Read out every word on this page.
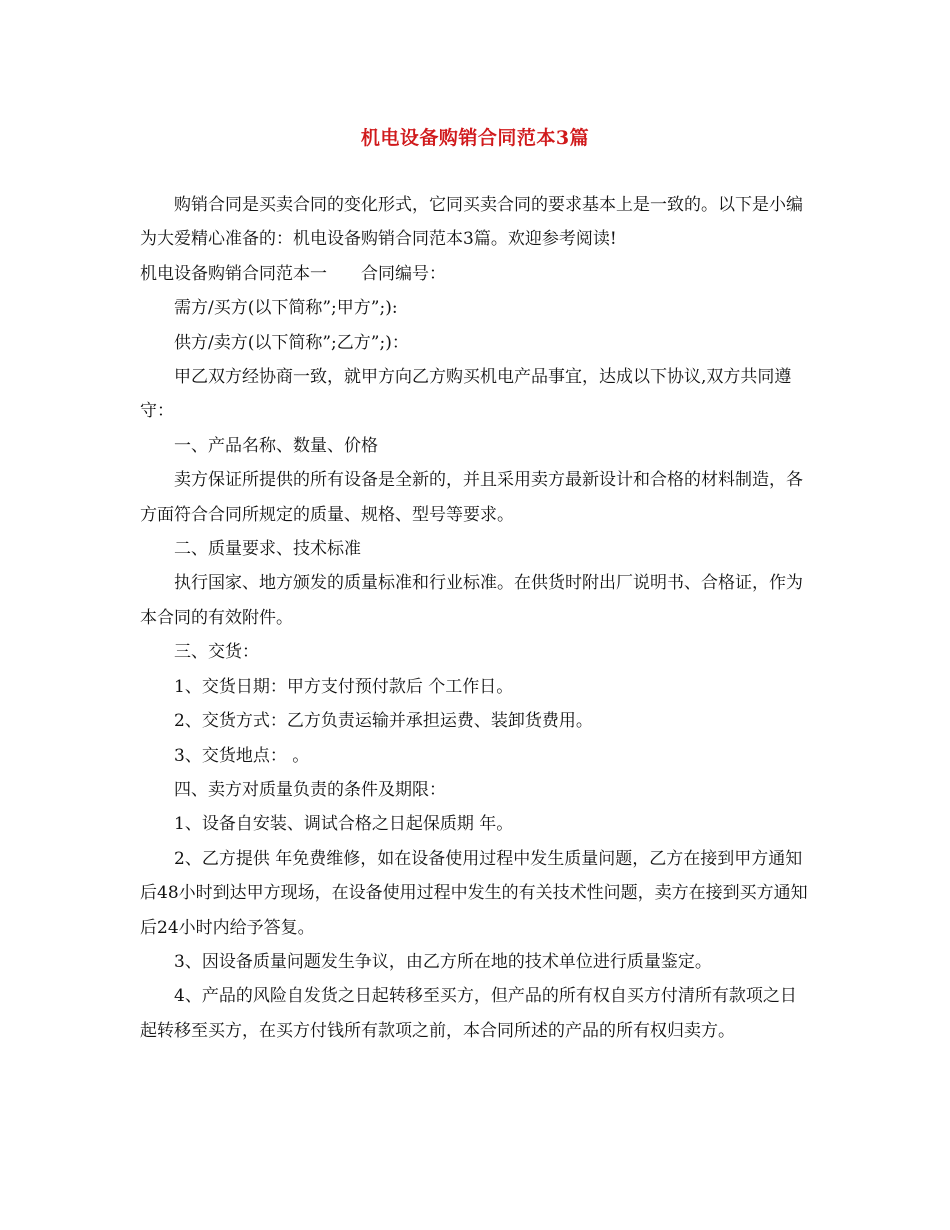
机电设备购销合同范本3篇

购销合同是买卖合同的变化形式，它同买卖合同的要求基本上是一致的。以下是小编为大爱精心准备的：机电设备购销合同范本3篇。欢迎参考阅读!

机电设备购销合同范本一 合同编号：

需方/买方(以下简称”;甲方”;):

供方/卖方(以下简称”;乙方”;)：

甲乙双方经协商一致，就甲方向乙方购买机电产品事宜，达成以下协议,双方共同遵守：

一、产品名称、数量、价格

卖方保证所提供的所有设备是全新的，并且采用卖方最新设计和合格的材料制造，各方面符合合同所规定的质量、规格、型号等要求。

二、质量要求、技术标准

执行国家、地方颁发的质量标准和行业标准。在供货时附出厂说明书、合格证，作为本合同的有效附件。

三、交货：

1、交货日期：甲方支付预付款后 个工作日。

2、交货方式：乙方负责运输并承担运费、装卸货费用。

3、交货地点： 。

四、卖方对质量负责的条件及期限：

1、设备自安装、调试合格之日起保质期 年。

2、乙方提供 年免费维修，如在设备使用过程中发生质量问题，乙方在接到甲方通知后48小时到达甲方现场，在设备使用过程中发生的有关技术性问题，卖方在接到买方通知后24小时内给予答复。

3、因设备质量问题发生争议，由乙方所在地的技术单位进行质量鉴定。

4、产品的风险自发货之日起转移至买方，但产品的所有权自买方付清所有款项之日起转移至买方，在买方付钱所有款项之前，本合同所述的产品的所有权归卖方。
